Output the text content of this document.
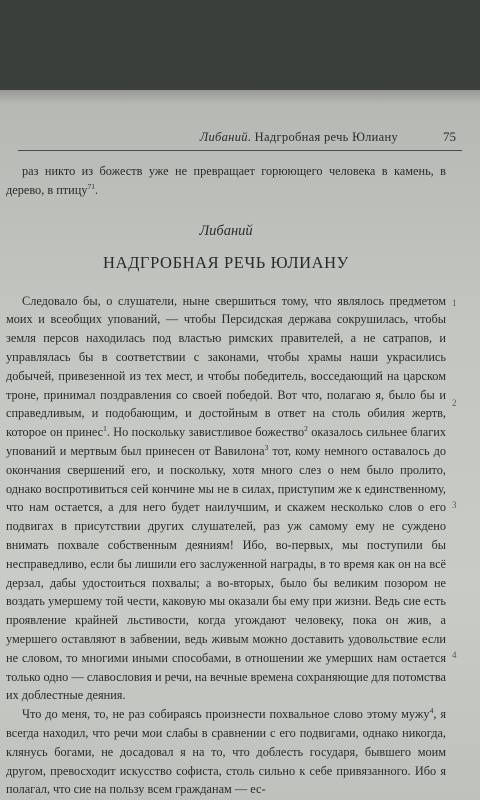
Либаний. Надгробная речь Юлиану	75

раз никто из божеств уже не превращает горюющего человека в камень, в дерево, в птицу$^{71}$.

Либаний
НАДГРОБНАЯ РЕЧЬ ЮЛИАНУ

Следовало бы, о слушатели, ныне свершиться тому, что являлось предметом моих и всеобщих упований, — чтобы Персидская держава сокрушилась, чтобы земля персов находилась под властью римских правителей, а не сатрапов, и управлялась бы в соответствии с законами, чтобы храмы наши украсились добычей, привезенной из тех мест, и чтобы победитель, восседающий на царском троне, принимал поздравления со своей победой. Вот что, полагаю я, было бы и справедливым, и подобающим, и достойным в ответ на столь обилия жертв, которое он принес$^1$. Но поскольку завистливое божество$^2$ оказалось сильнее благих упований и мертвым был принесен от Вавилона$^3$ тот, кому немного оставалось до окончания свершений его, и поскольку, хотя много слез о нем было пролито, однако воспротивиться сей кончине мы не в силах, приступим же к единственному, что нам остается, а для него будет наилучшим, и скажем несколько слов о его подвигах в присутствии других слушателей, раз уж самому ему не суждено внимать похвале собственным деяниям! Ибо, во-первых, мы поступили бы несправедливо, если бы лишили его заслуженной награды, в то время как он на всё дерзал, дабы удостоиться похвалы; а во-вторых, было бы великим позором не воздать умершему той чести, каковую мы оказали бы ему при жизни. Ведь сие есть проявление крайней льстивости, когда угождают человеку, пока он жив, а умершего оставляют в забвении, ведь живым можно доставить удовольствие если не словом, то многими иными способами, в отношении же умерших нам остается только одно — славословия и речи, на вечные времена сохраняющие для потомства их доблестные деяния.

Что до меня, то, не раз собираясь произнести похвальное слово этому мужу$^4$, я всегда находил, что речи мои слабы в сравнении с его подвигами, однако никогда, клянусь богами, не досадовал я на то, что доблесть государя, бывшего моим другом, превосходит искусство софиста, столь сильно к себе привязанного. Ибо я полагал, что сие на пользу всем гражданам — ес-

1
2
3
4
